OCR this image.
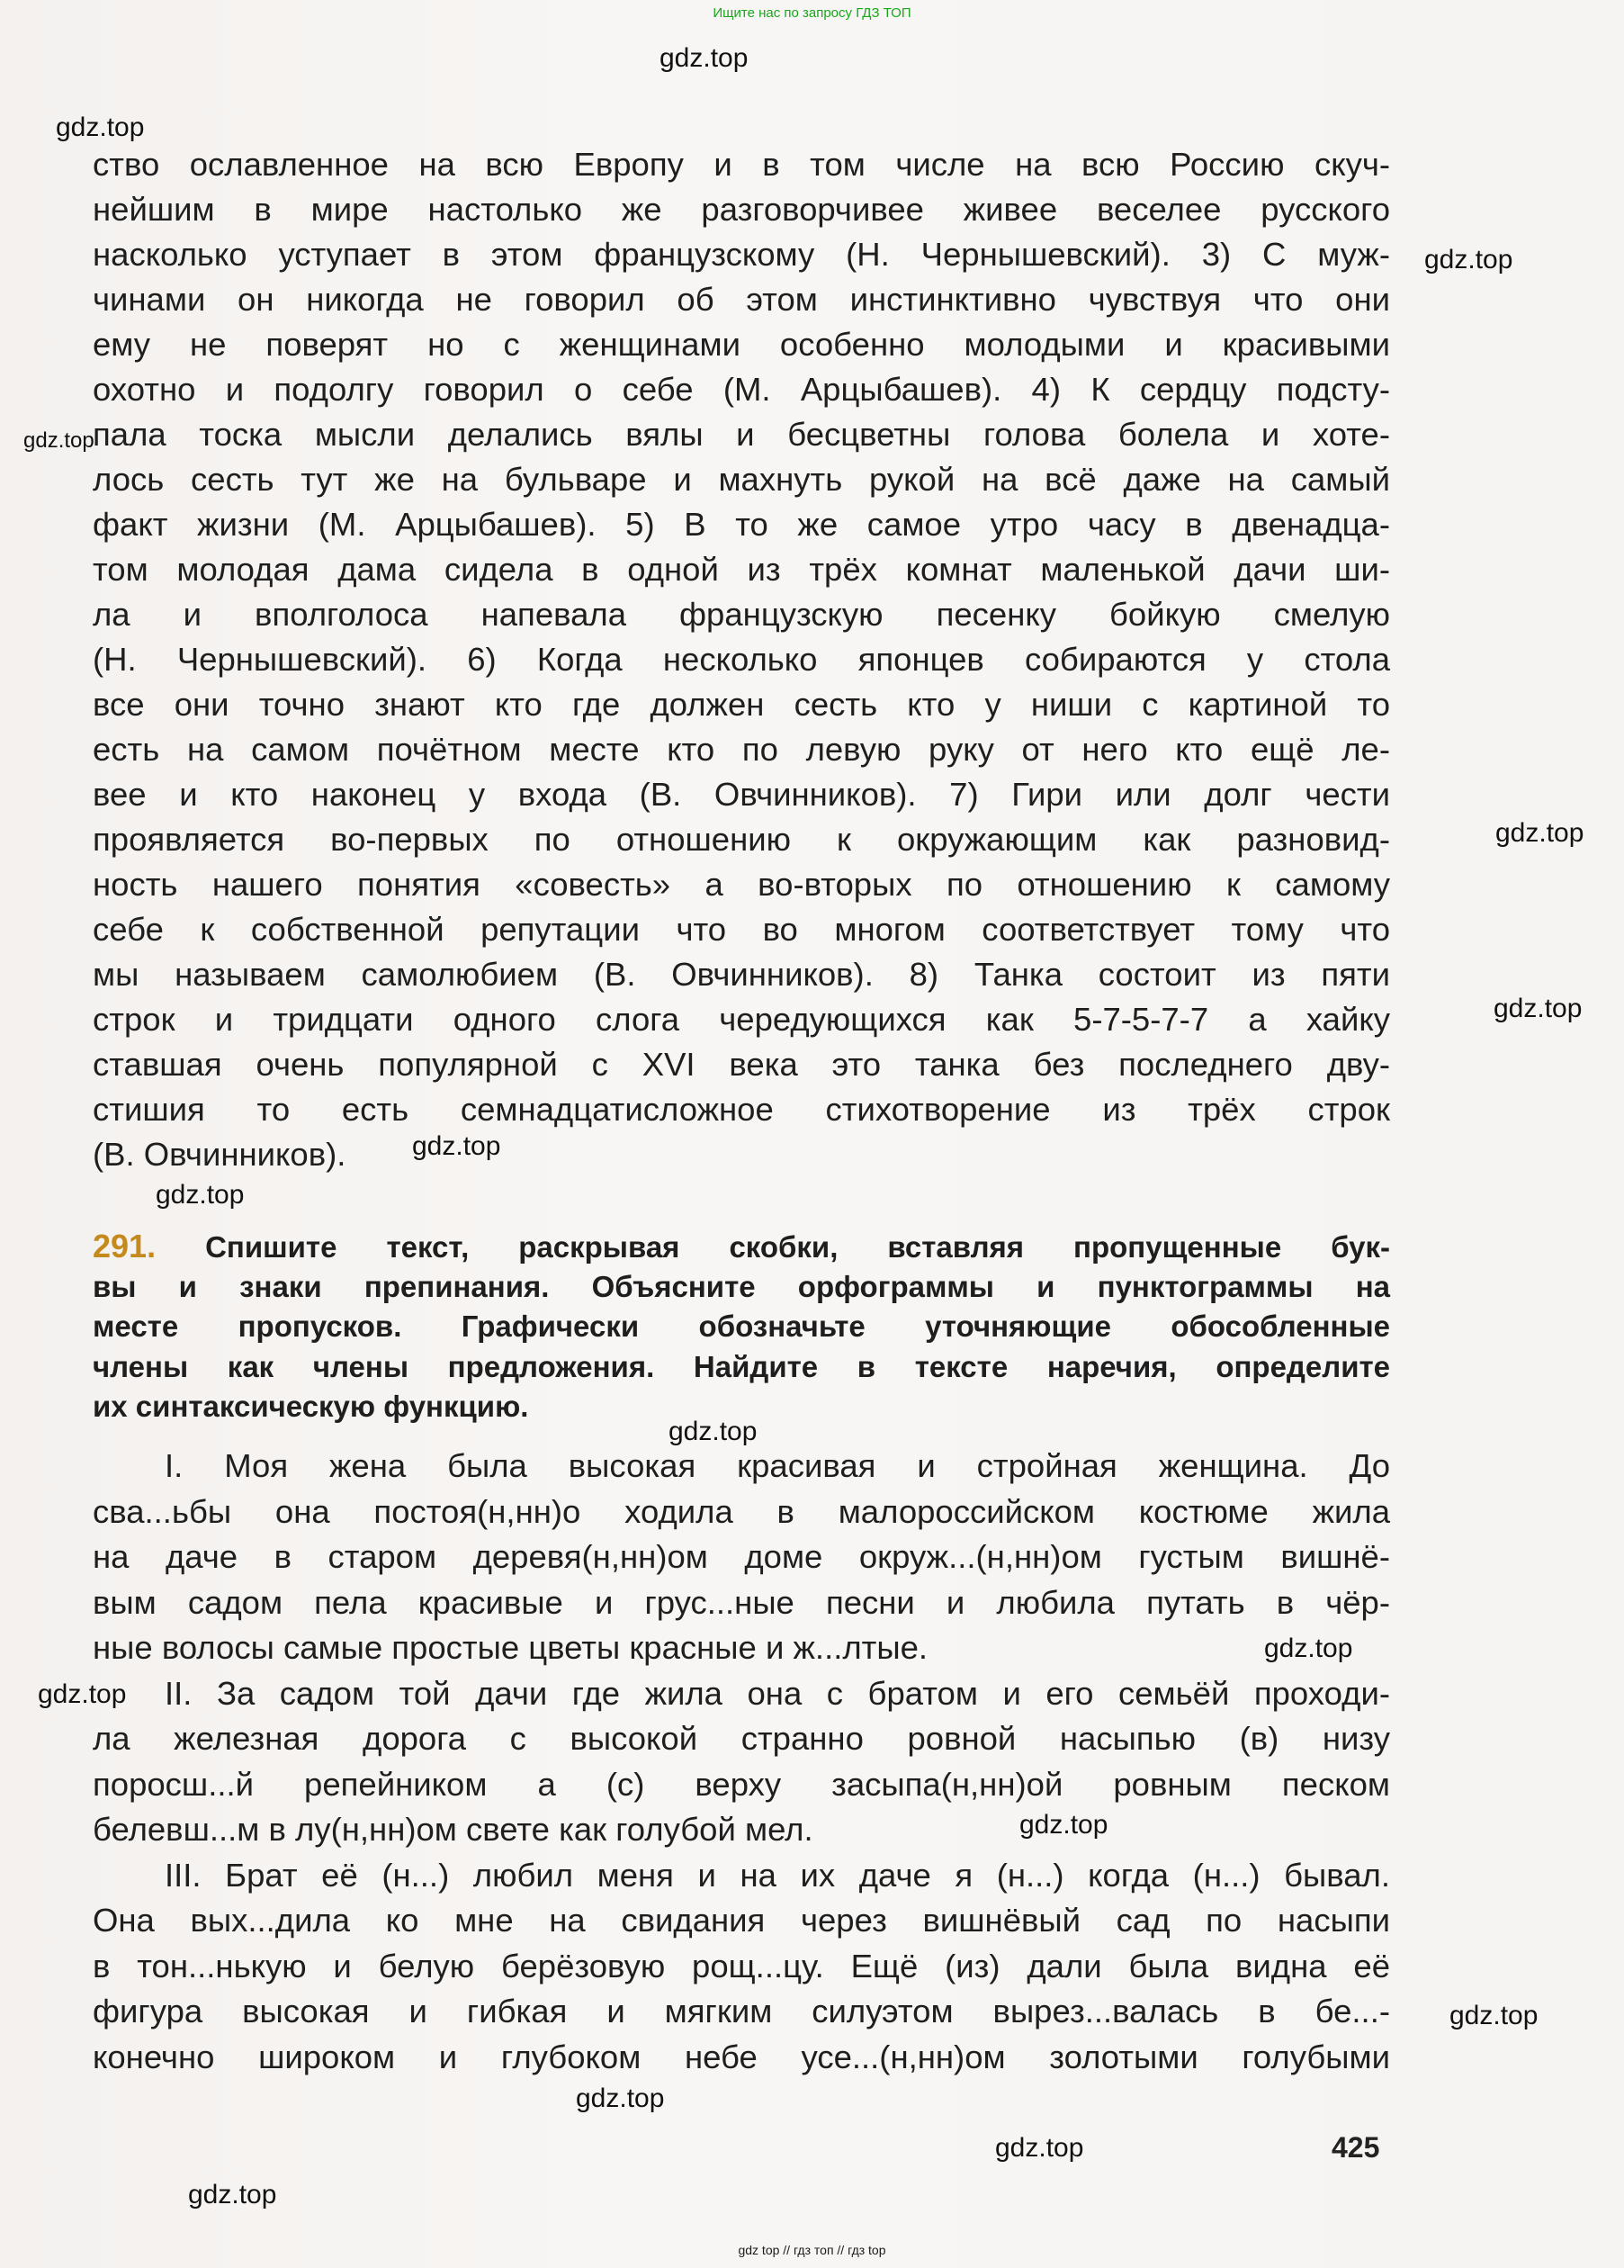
Ищите нас по запросу ГДЗ ТОП
gdz.top
gdz.top
gdz.top
gdz.top
gdz.top
gdz.top
gdz.top
gdz.top
gdz.top
gdz.top
gdz.top
gdz.top
gdz.top
gdz.top
gdz.top
gdz.top
ство ославленное на всю Европу и в том числе на всю Россию скуч-
нейшим в мире настолько же разговорчивее живее веселее русского
насколько уступает в этом французскому (Н. Чернышевский). 3) С муж-
чинами он никогда не говорил об этом инстинктивно чувствуя что они
ему не поверят но с женщинами особенно молодыми и красивыми
охотно и подолгу говорил о себе (М. Арцыбашев). 4) К сердцу подсту-
пала тоска мысли делались вялы и бесцветны голова болела и хоте-
лось сесть тут же на бульваре и махнуть рукой на всё даже на самый
факт жизни (М. Арцыбашев). 5) В то же самое утро часу в двенадца-
том молодая дама сидела в одной из трёх комнат маленькой дачи ши-
ла и вполголоса напевала французскую песенку бойкую смелую
(Н. Чернышевский). 6) Когда несколько японцев собираются у стола
все они точно знают кто где должен сесть кто у ниши с картиной то
есть на самом почётном месте кто по левую руку от него кто ещё ле-
вее и кто наконец у входа (В. Овчинников). 7) Гири или долг чести
проявляется во-первых по отношению к окружающим как разновид-
ность нашего понятия «совесть» а во-вторых по отношению к самому
себе к собственной репутации что во многом соответствует тому что
мы называем самолюбием (В. Овчинников). 8) Танка состоит из пяти
строк и тридцати одного слога чередующихся как 5-7-5-7-7 а хайку
ставшая очень популярной с XVI века это танка без последнего дву-
стишия то есть семнадцатисложное стихотворение из трёх строк
(В. Овчинников).
291. Спишите текст, раскрывая скобки, вставляя пропущенные бук-
вы и знаки препинания. Объясните орфограммы и пунктограммы на
месте пропусков. Графически обозначьте уточняющие обособленные
члены как члены предложения. Найдите в тексте наречия, определите
их синтаксическую функцию.
I. Моя жена была высокая красивая и стройная женщина. До
сва...ьбы она постоя(н,нн)о ходила в малороссийском костюме жила
на даче в старом деревя(н,нн)ом доме окруж...(н,нн)ом густым вишнё-
вым садом пела красивые и грус...ные песни и любила путать в чёр-
ные волосы самые простые цветы красные и ж...лтые.
II. За садом той дачи где жила она с братом и его семьёй проходи-
ла железная дорога с высокой странно ровной насыпью (в) низу
поросш...й репейником а (с) верху засыпа(н,нн)ой ровным песком
белевш...м в лу(н,нн)ом свете как голубой мел.
III. Брат её (н...) любил меня и на их даче я (н...) когда (н...) бывал.
Она вых...дила ко мне на свидания через вишнёвый сад по насыпи
в тон...нькую и белую берёзовую рощ...цу. Ещё (из) дали была видна её
фигура высокая и гибкая и мягким силуэтом вырез...валась в бе...-
конечно широком и глубоком небе усе...(н,нн)ом золотыми голубыми
425
gdz top // гдз топ // гдз top
